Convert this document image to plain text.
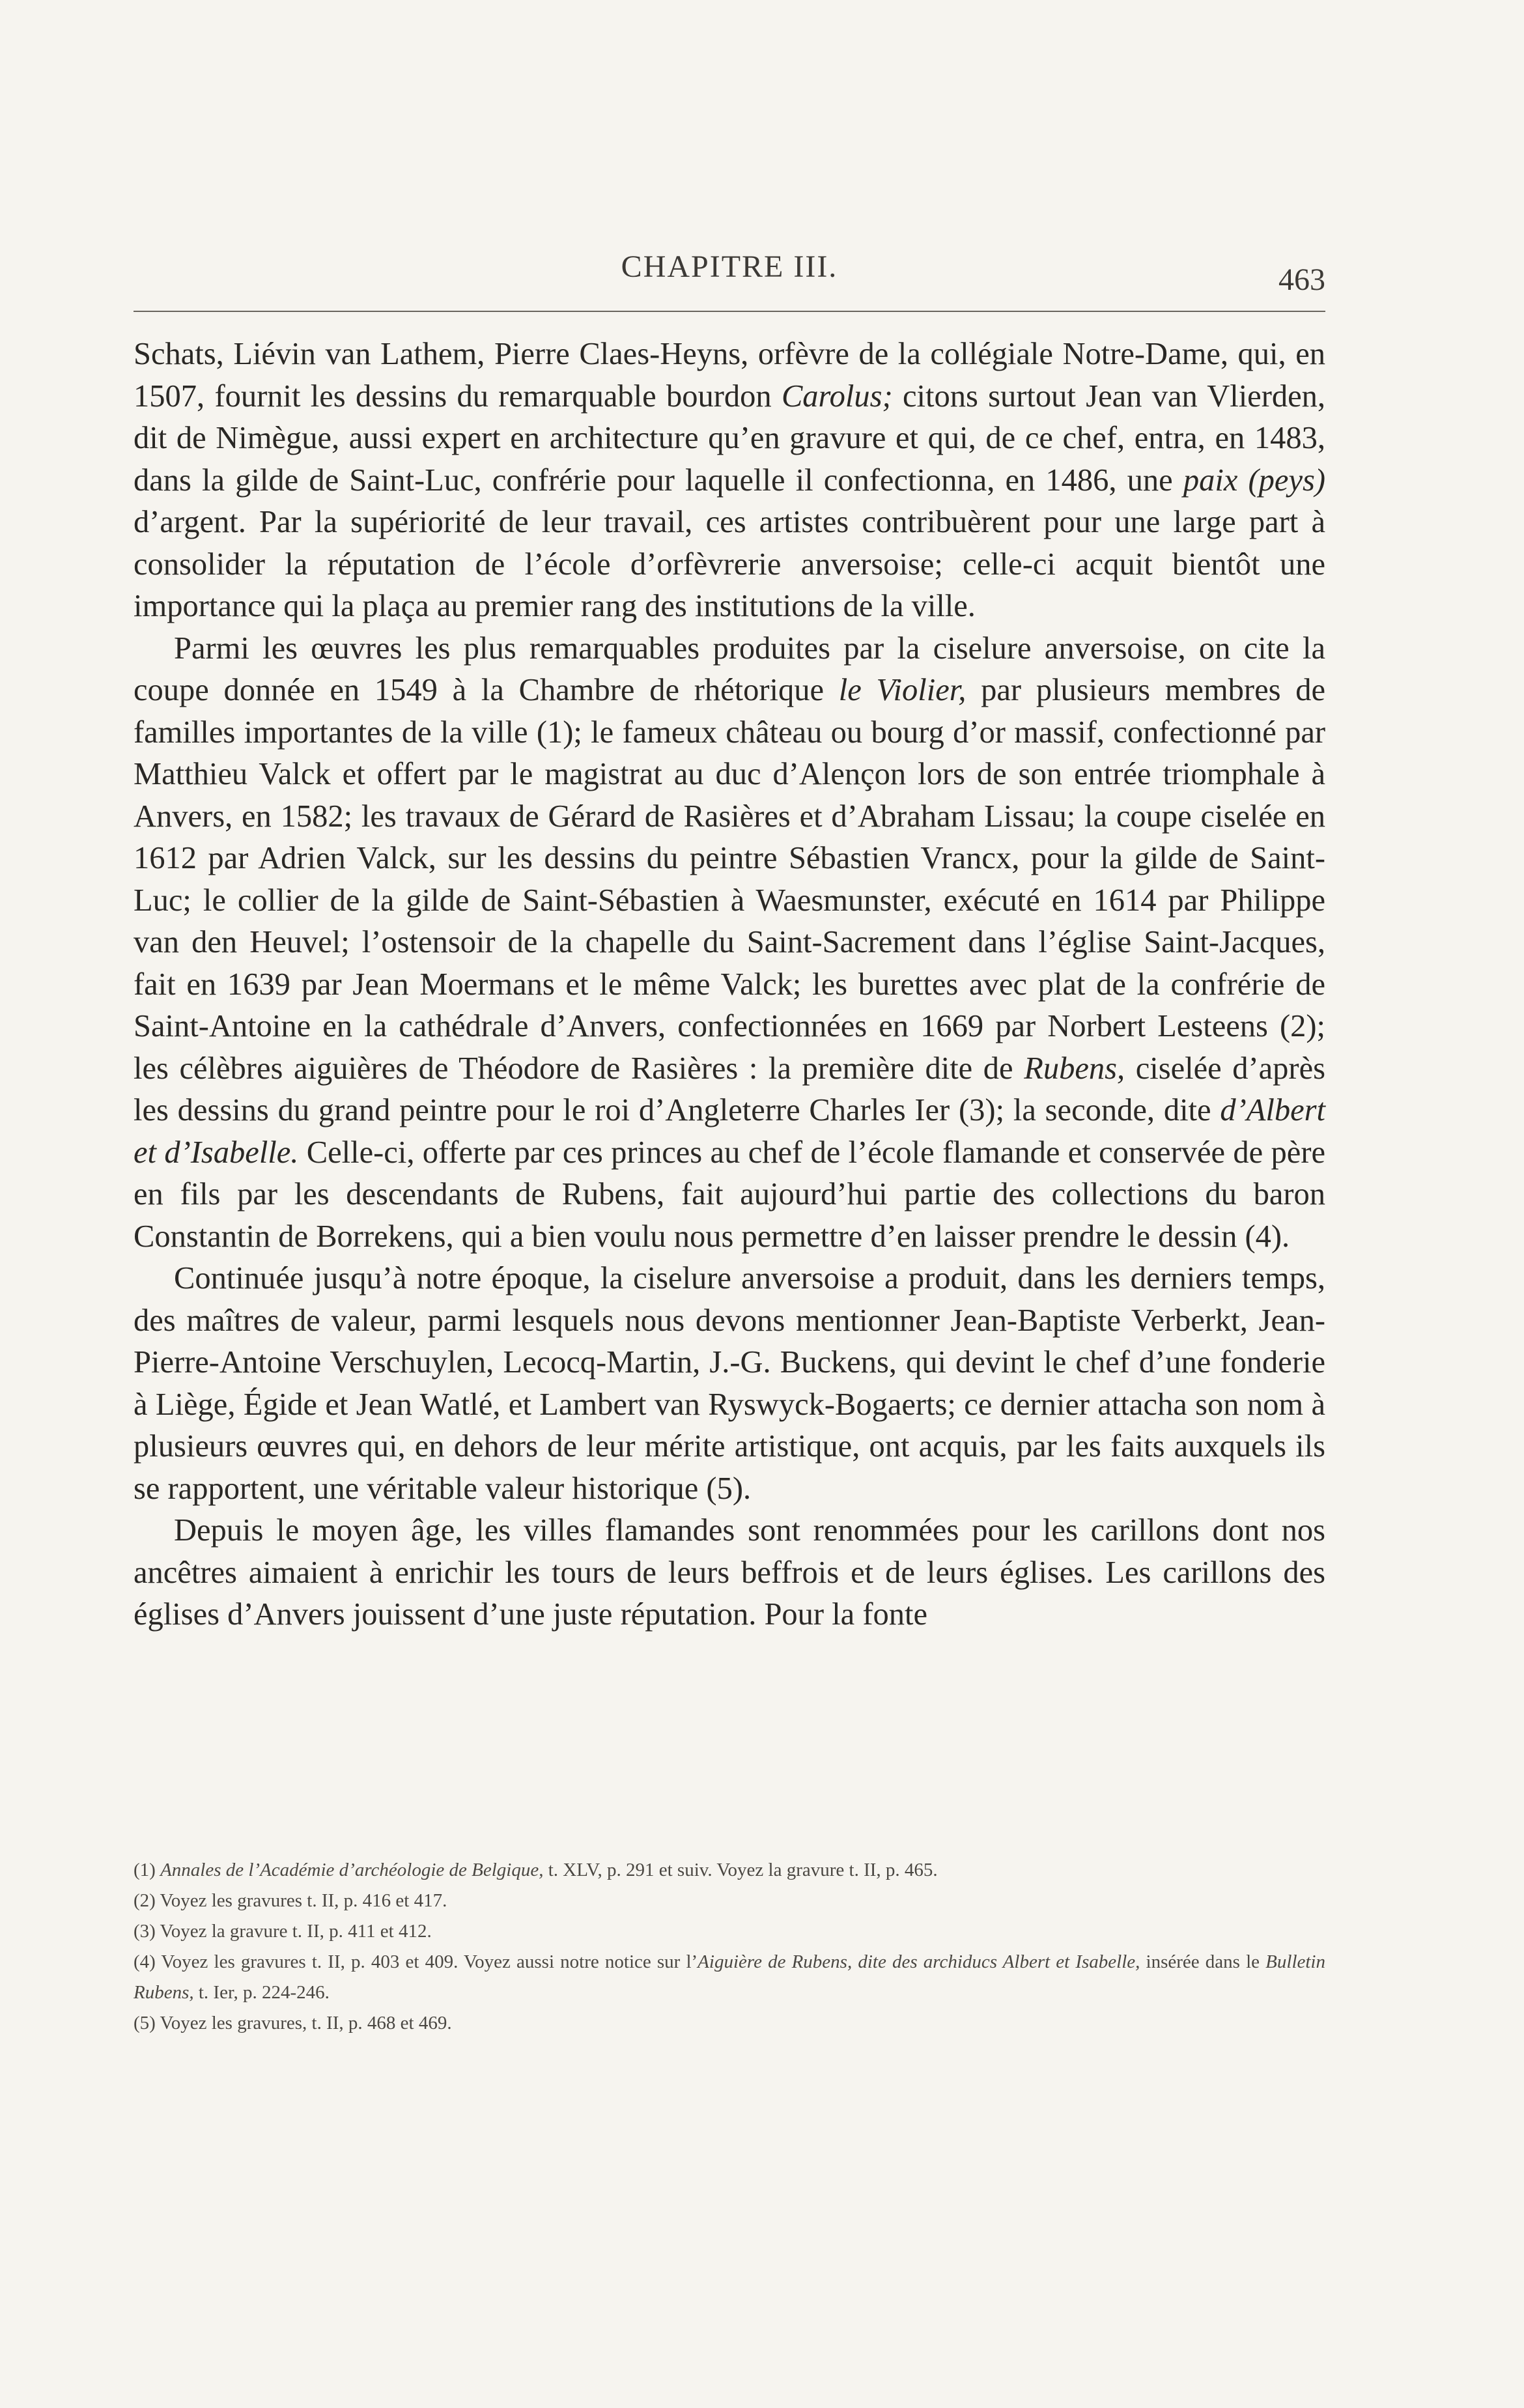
CHAPITRE III.	463

Schats, Liévin van Lathem, Pierre Claes-Heyns, orfèvre de la collégiale Notre-Dame, qui, en 1507, fournit les dessins du remarquable bourdon Carolus; citons surtout Jean van Vlierden, dit de Nimègue, aussi expert en architecture qu’en gravure et qui, de ce chef, entra, en 1483, dans la gilde de Saint-Luc, confrérie pour laquelle il confectionna, en 1486, une paix (peys) d’argent. Par la supériorité de leur travail, ces artistes contribuèrent pour une large part à consolider la réputation de l’école d’orfèvrerie anversoise; celle-ci acquit bientôt une importance qui la plaça au premier rang des institutions de la ville.

Parmi les œuvres les plus remarquables produites par la ciselure anversoise, on cite la coupe donnée en 1549 à la Chambre de rhétorique le Violier, par plusieurs membres de familles importantes de la ville (1); le fameux château ou bourg d’or massif, confectionné par Matthieu Valck et offert par le magistrat au duc d’Alençon lors de son entrée triomphale à Anvers, en 1582; les travaux de Gérard de Rasières et d’Abraham Lissau; la coupe ciselée en 1612 par Adrien Valck, sur les dessins du peintre Sébastien Vrancx, pour la gilde de Saint-Luc; le collier de la gilde de Saint-Sébastien à Waesmunster, exécuté en 1614 par Philippe van den Heuvel; l’ostensoir de la chapelle du Saint-Sacrement dans l’église Saint-Jacques, fait en 1639 par Jean Moermans et le même Valck; les burettes avec plat de la confrérie de Saint-Antoine en la cathédrale d’Anvers, confectionnées en 1669 par Norbert Lesteens (2); les célèbres aiguières de Théodore de Rasières : la première dite de Rubens, ciselée d’après les dessins du grand peintre pour le roi d’Angleterre Charles Ier (3); la seconde, dite d’Albert et d’Isabelle. Celle-ci, offerte par ces princes au chef de l’école flamande et conservée de père en fils par les descendants de Rubens, fait aujourd’hui partie des collections du baron Constantin de Borrekens, qui a bien voulu nous permettre d’en laisser prendre le dessin (4).

Continuée jusqu’à notre époque, la ciselure anversoise a produit, dans les derniers temps, des maîtres de valeur, parmi lesquels nous devons mentionner Jean-Baptiste Verberkt, Jean-Pierre-Antoine Verschuylen, Lecocq-Martin, J.-G. Buckens, qui devint le chef d’une fonderie à Liège, Égide et Jean Watlé, et Lambert van Ryswyck-Bogaerts; ce dernier attacha son nom à plusieurs œuvres qui, en dehors de leur mérite artistique, ont acquis, par les faits auxquels ils se rapportent, une véritable valeur historique (5).

Depuis le moyen âge, les villes flamandes sont renommées pour les carillons dont nos ancêtres aimaient à enrichir les tours de leurs beffrois et de leurs églises. Les carillons des églises d’Anvers jouissent d’une juste réputation. Pour la fonte

(1) Annales de l’Académie d’archéologie de Belgique, t. XLV, p. 291 et suiv. Voyez la gravure t. II, p. 465.

(2) Voyez les gravures t. II, p. 416 et 417.

(3) Voyez la gravure t. II, p. 411 et 412.

(4) Voyez les gravures t. II, p. 403 et 409. Voyez aussi notre notice sur l’Aiguière de Rubens, dite des archiducs Albert et Isabelle, insérée dans le Bulletin Rubens, t. Ier, p. 224-246.

(5) Voyez les gravures, t. II, p. 468 et 469.
